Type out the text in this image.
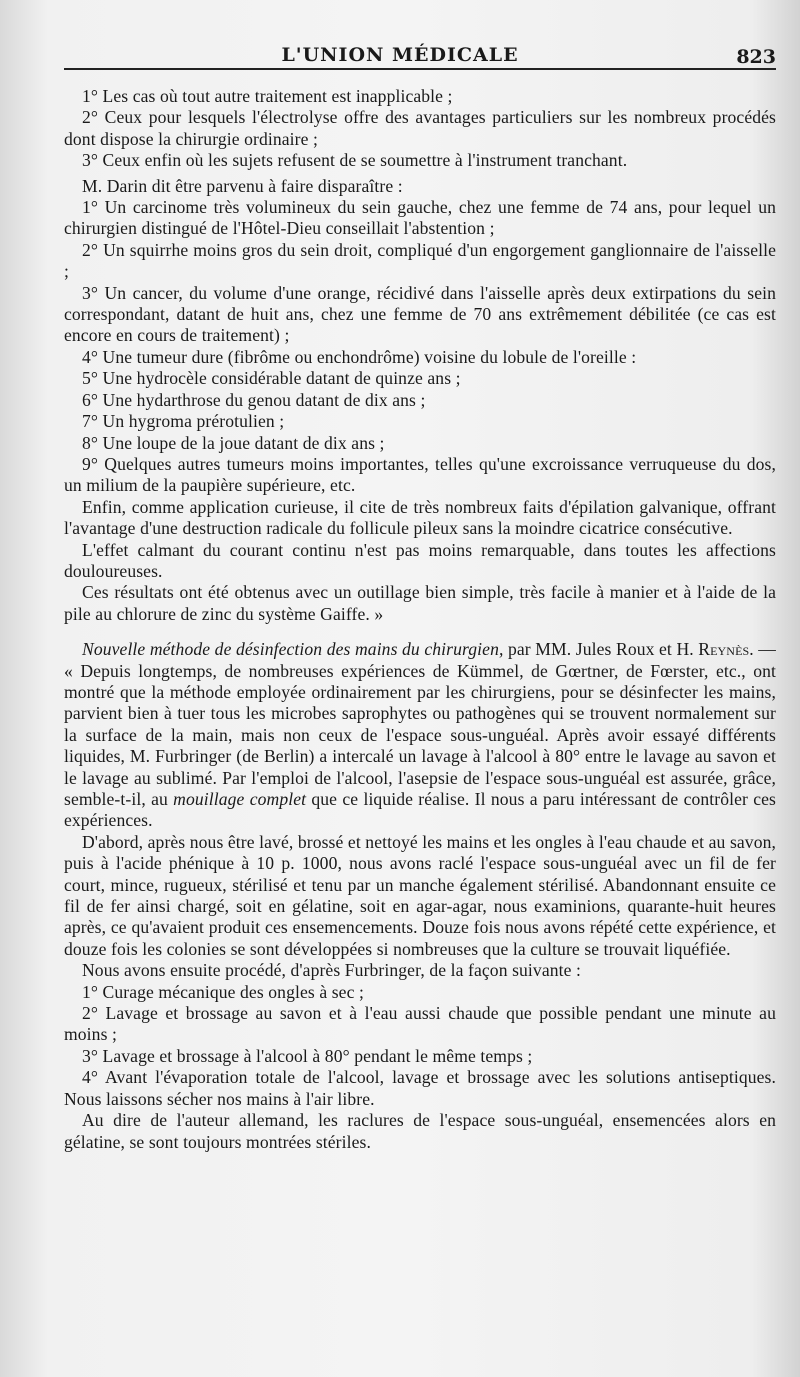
L'UNION MÉDICALE	823

1° Les cas où tout autre traitement est inapplicable ;

2° Ceux pour lesquels l'électrolyse offre des avantages particuliers sur les nombreux procédés dont dispose la chirurgie ordinaire ;

3° Ceux enfin où les sujets refusent de se soumettre à l'instrument tranchant.

M. Darin dit être parvenu à faire disparaître :

1° Un carcinome très volumineux du sein gauche, chez une femme de 74 ans, pour lequel un chirurgien distingué de l'Hôtel-Dieu conseillait l'abstention ;

2° Un squirrhe moins gros du sein droit, compliqué d'un engorgement ganglionnaire de l'aisselle ;

3° Un cancer, du volume d'une orange, récidivé dans l'aisselle après deux extirpations du sein correspondant, datant de huit ans, chez une femme de 70 ans extrêmement débilitée (ce cas est encore en cours de traitement) ;

4° Une tumeur dure (fibrôme ou enchondrôme) voisine du lobule de l'oreille :

5° Une hydrocèle considérable datant de quinze ans ;

6° Une hydarthrose du genou datant de dix ans ;

7° Un hygroma prérotulien ;

8° Une loupe de la joue datant de dix ans ;

9° Quelques autres tumeurs moins importantes, telles qu'une excroissance verruqueuse du dos, un milium de la paupière supérieure, etc.

Enfin, comme application curieuse, il cite de très nombreux faits d'épilation galvanique, offrant l'avantage d'une destruction radicale du follicule pileux sans la moindre cicatrice consécutive.

L'effet calmant du courant continu n'est pas moins remarquable, dans toutes les affections douloureuses.

Ces résultats ont été obtenus avec un outillage bien simple, très facile à manier et à l'aide de la pile au chlorure de zinc du système Gaiffe. »

Nouvelle méthode de désinfection des mains du chirurgien, par MM. Jules Roux et H. Reynès. — « Depuis longtemps, de nombreuses expériences de Kümmel, de Gœrtner, de Fœrster, etc., ont montré que la méthode employée ordinairement par les chirurgiens, pour se désinfecter les mains, parvient bien à tuer tous les microbes saprophytes ou pathogènes qui se trouvent normalement sur la surface de la main, mais non ceux de l'espace sous-unguéal. Après avoir essayé différents liquides, M. Furbringer (de Berlin) a intercalé un lavage à l'alcool à 80° entre le lavage au savon et le lavage au sublimé. Par l'emploi de l'alcool, l'asepsie de l'espace sous-unguéal est assurée, grâce, semble-t-il, au mouillage complet que ce liquide réalise. Il nous a paru intéressant de contrôler ces expériences.

D'abord, après nous être lavé, brossé et nettoyé les mains et les ongles à l'eau chaude et au savon, puis à l'acide phénique à 10 p. 1000, nous avons raclé l'espace sous-unguéal avec un fil de fer court, mince, rugueux, stérilisé et tenu par un manche également stérilisé. Abandonnant ensuite ce fil de fer ainsi chargé, soit en gélatine, soit en agar-agar, nous examinions, quarante-huit heures après, ce qu'avaient produit ces ensemencements. Douze fois nous avons répété cette expérience, et douze fois les colonies se sont développées si nombreuses que la culture se trouvait liquéfiée.

Nous avons ensuite procédé, d'après Furbringer, de la façon suivante :

1° Curage mécanique des ongles à sec ;

2° Lavage et brossage au savon et à l'eau aussi chaude que possible pendant une minute au moins ;

3° Lavage et brossage à l'alcool à 80° pendant le même temps ;

4° Avant l'évaporation totale de l'alcool, lavage et brossage avec les solutions antiseptiques. Nous laissons sécher nos mains à l'air libre.

Au dire de l'auteur allemand, les raclures de l'espace sous-unguéal, ensemencées alors en gélatine, se sont toujours montrées stériles.
